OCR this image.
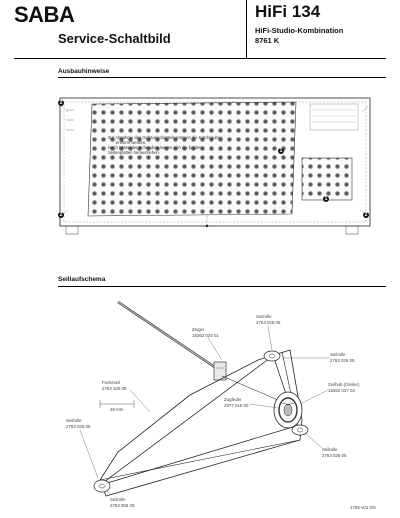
SABA	HiFi 134
Service-Schaltbild
HiFi-Studio-Kombination
8761 K
Ausbauhinweise
Zur Abnahme des Gehäuseoberteils müssen die 5 Schrauben
entfernt werden.
Nach Lösen der Schrauben lassen sich die beiden
Seitenplatten herausziehen.
2
1
2
1
2
Seillaufschema
Zeiger
15362 020 01
Seilrolle
2763 025 05
Seilrolle
2763 026 05
Zeilhub (Gleiter)
15362 037 03
Federseil
2763 100 05
36 mm
Zugfeder
2977 015 00
Seilrolle
2763 025 05
Seilrolle
2763 026 05
Seilrolle
2763 005 05	1706-v01 0/6
